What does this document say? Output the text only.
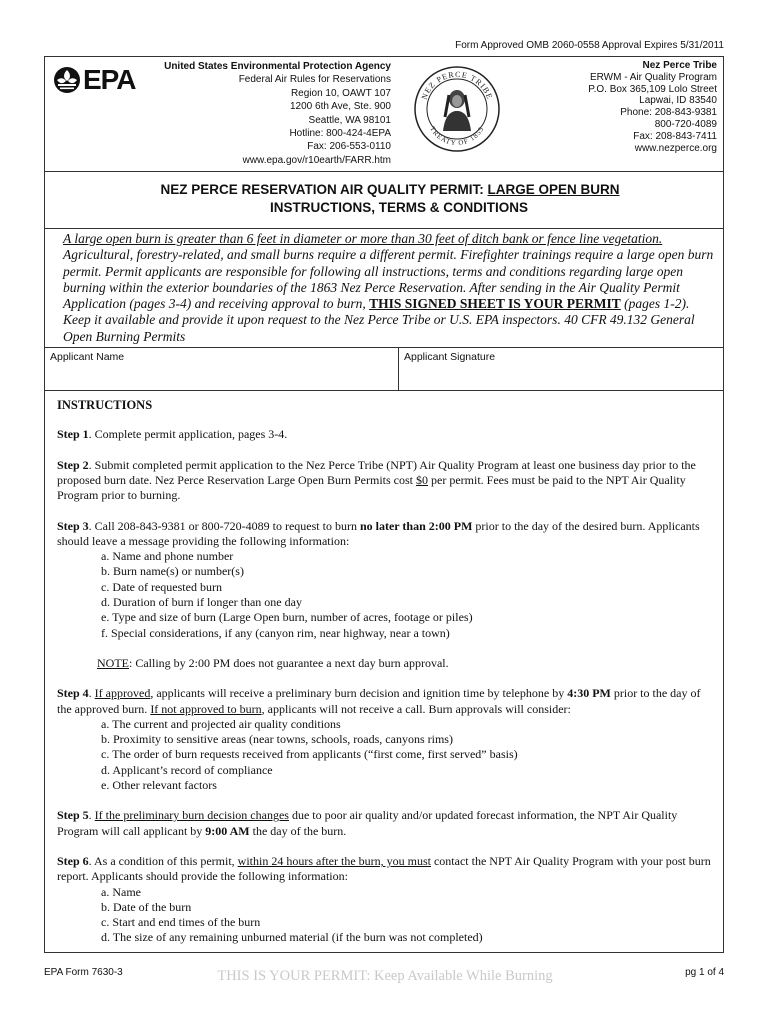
Form Approved OMB 2060-0558 Approval Expires 5/31/2011
EPA	United States Environmental Protection Agency
Federal Air Rules for Reservations
Region 10, OAWT 107
1200 6th Ave, Ste. 900
Seattle, WA 98101
Hotline: 800-424-4EPA
Fax: 206-553-0110
www.epa.gov/r10earth/FARR.htm
NEZ PERCE TRIBE
TREATY OF 1855
Nez Perce Tribe
ERWM - Air Quality Program
P.O. Box 365,109 Lolo Street
Lapwai, ID 83540
Phone: 208-843-9381
800-720-4089
Fax: 208-843-7411
www.nezperce.org
NEZ PERCE RESERVATION AIR QUALITY PERMIT: LARGE OPEN BURN
INSTRUCTIONS, TERMS & CONDITIONS
A large open burn is greater than 6 feet in diameter or more than 30 feet of ditch bank or fence line vegetation. Agricultural, forestry-related, and small burns require a different permit. Firefighter trainings require a large open burn permit. Permit applicants are responsible for following all instructions, terms and conditions regarding large open burning within the exterior boundaries of the 1863 Nez Perce Reservation. After sending in the Air Quality Permit Application (pages 3-4) and receiving approval to burn, THIS SIGNED SHEET IS YOUR PERMIT (pages 1-2). Keep it available and provide it upon request to the Nez Perce Tribe or U.S. EPA inspectors. 40 CFR 49.132 General Open Burning Permits
Applicant Name	Applicant Signature
INSTRUCTIONS
Step 1. Complete permit application, pages 3-4.
Step 2. Submit completed permit application to the Nez Perce Tribe (NPT) Air Quality Program at least one business day prior to the proposed burn date. Nez Perce Reservation Large Open Burn Permits cost $0 per permit. Fees must be paid to the NPT Air Quality Program prior to burning.
Step 3. Call 208-843-9381 or 800-720-4089 to request to burn no later than 2:00 PM prior to the day of the desired burn. Applicants should leave a message providing the following information:
a. Name and phone number
b. Burn name(s) or number(s)
c. Date of requested burn
d. Duration of burn if longer than one day
e. Type and size of burn (Large Open burn, number of acres, footage or piles)
f. Special considerations, if any (canyon rim, near highway, near a town)
NOTE: Calling by 2:00 PM does not guarantee a next day burn approval.
Step 4. If approved, applicants will receive a preliminary burn decision and ignition time by telephone by 4:30 PM prior to the day of the approved burn. If not approved to burn, applicants will not receive a call. Burn approvals will consider:
a. The current and projected air quality conditions
b. Proximity to sensitive areas (near towns, schools, roads, canyons rims)
c. The order of burn requests received from applicants (“first come, first served” basis)
d. Applicant’s record of compliance
e. Other relevant factors
Step 5. If the preliminary burn decision changes due to poor air quality and/or updated forecast information, the NPT Air Quality Program will call applicant by 9:00 AM the day of the burn.
Step 6. As a condition of this permit, within 24 hours after the burn, you must contact the NPT Air Quality Program with your post burn report. Applicants should provide the following information:
a. Name
b. Date of the burn
c. Start and end times of the burn
d. The size of any remaining unburned material (if the burn was not completed)
EPA Form 7630-3	THIS IS YOUR PERMIT: Keep Available While Burning	pg 1 of 4
